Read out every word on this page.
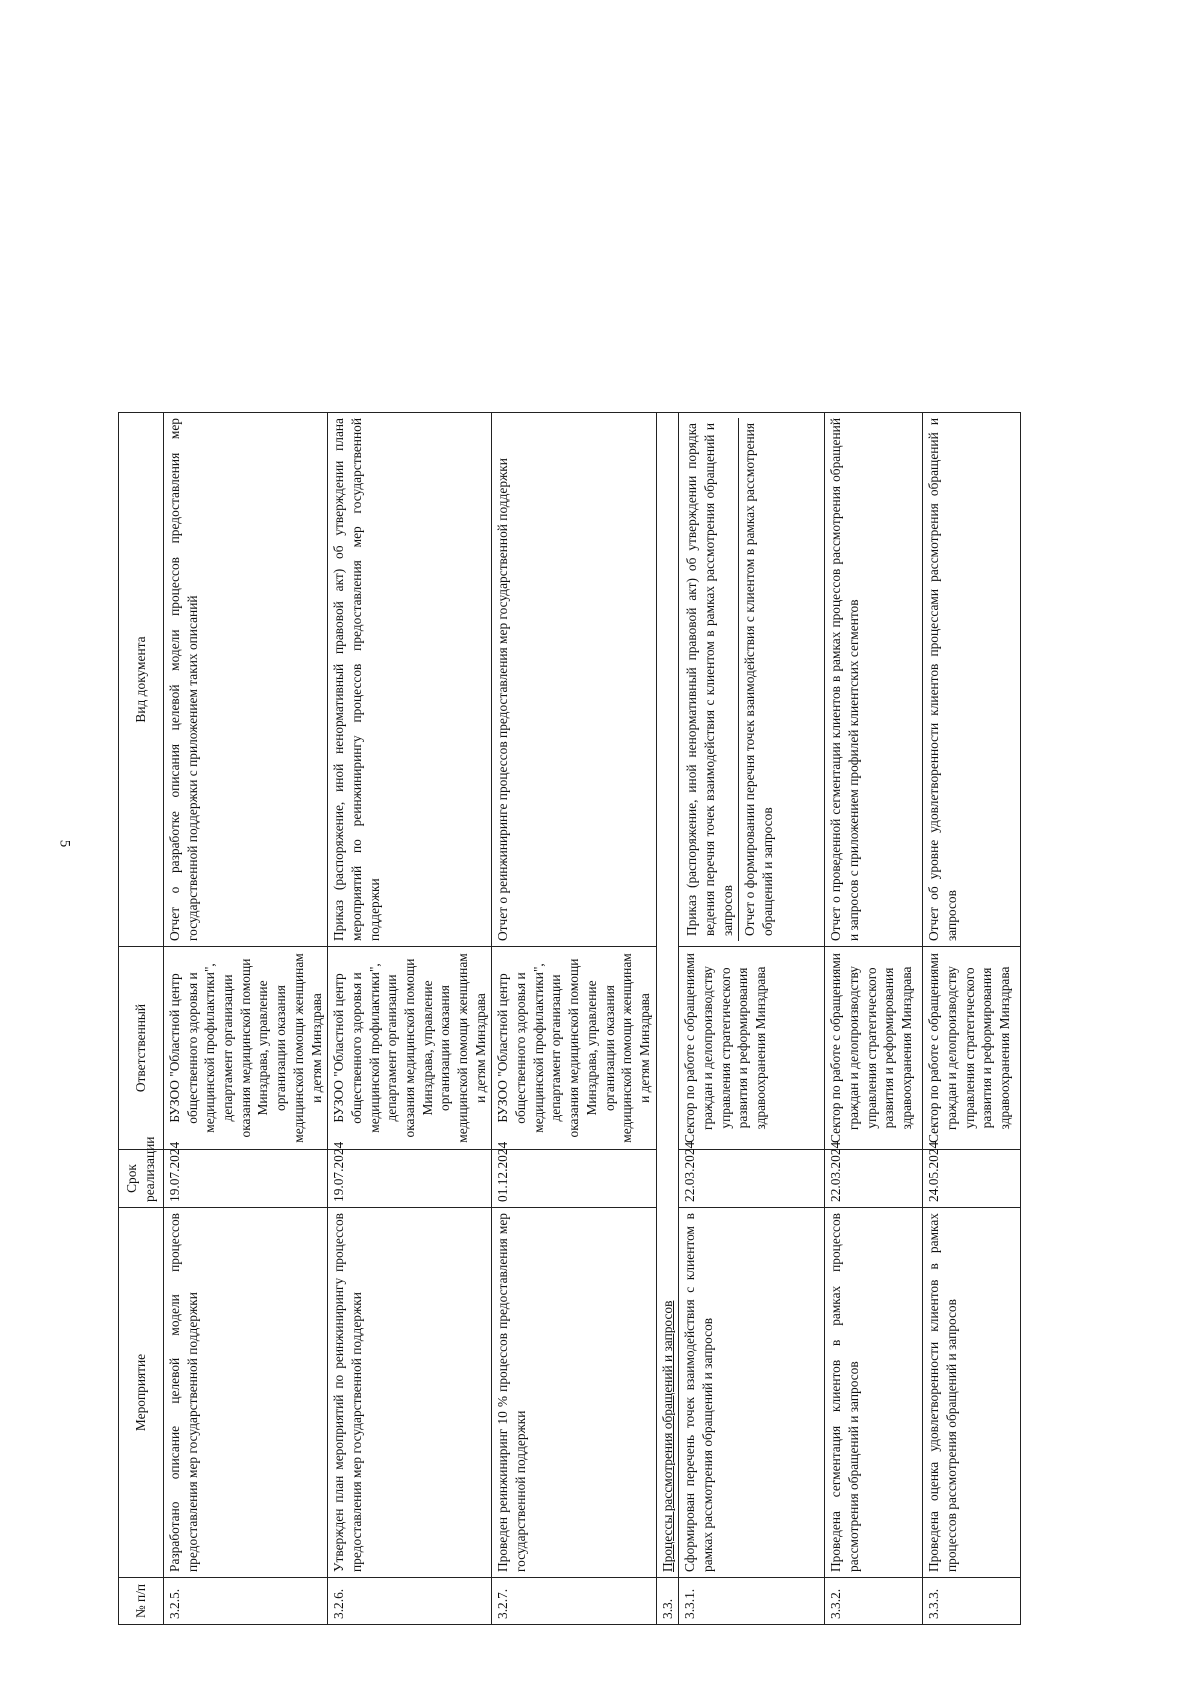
5
№ п/п	Мероприятие	Срок реализации	Ответственный	Вид документа
3.2.5.	Разработано описание целевой модели процессов предоставления мер государственной поддержки	19.07.2024	БУЗОО "Областной центр общественного здоровья и медицинской профилактики", департамент организации оказания медицинской помощи Минздрава, управление организации оказания медицинской помощи женщинам и детям Минздрава	Отчет о разработке описания целевой модели процессов предоставления мер государственной поддержки с приложением таких описаний
3.2.6.	Утвержден план мероприятий по реинжинирингу процессов предоставления мер государственной поддержки	19.07.2024	БУЗОО "Областной центр общественного здоровья и медицинской профилактики", департамент организации оказания медицинской помощи Минздрава, управление организации оказания медицинской помощи женщинам и детям Минздрава	Приказ (распоряжение, иной ненормативный правовой акт) об утверждении плана мероприятий по реинжинирингу процессов предоставления мер государственной поддержки
3.2.7.	Проведен реинжиниринг 10 % процессов предоставления мер государственной поддержки	01.12.2024	БУЗОО "Областной центр общественного здоровья и медицинской профилактики", департамент организации оказания медицинской помощи Минздрава, управление организации оказания медицинской помощи женщинам и детям Минздрава	Отчет о реинжиниринге процессов предоставления мер государственной поддержки
3.3.	Процессы рассмотрения обращений и запросов			
3.3.1.	Сформирован перечень точек взаимодействия с клиентом в рамках рассмотрения обращений и запросов	22.03.2024	Сектор по работе с обращениями граждан и делопроизводству управления стратегического развития и реформирования здравоохранения Минздрава	Приказ (распоряжение, иной ненормативный правовой акт) об утверждении порядка ведения перечня точек взаимодействия с клиентом в рамках рассмотрения обращений и запросов Отчет о формировании перечня точек взаимодействия с клиентом в рамках рассмотрения обращений и запросов

3.3.2.	Проведена сегментация клиентов в рамках процессов рассмотрения обращений и запросов	22.03.2024	Сектор по работе с обращениями граждан и делопроизводству управления стратегического развития и реформирования здравоохранения Минздрава	Отчет о проведенной сегментации клиентов в рамках процессов рассмотрения обращений и запросов с приложением профилей клиентских сегментов
3.3.3.	Проведена оценка удовлетворенности клиентов в рамках процессов рассмотрения обращений и запросов	24.05.2024	Сектор по работе с обращениями граждан и делопроизводству управления стратегического развития и реформирования здравоохранения Минздрава	Отчет об уровне удовлетворенности клиентов процессами рассмотрения обращений и запросов
